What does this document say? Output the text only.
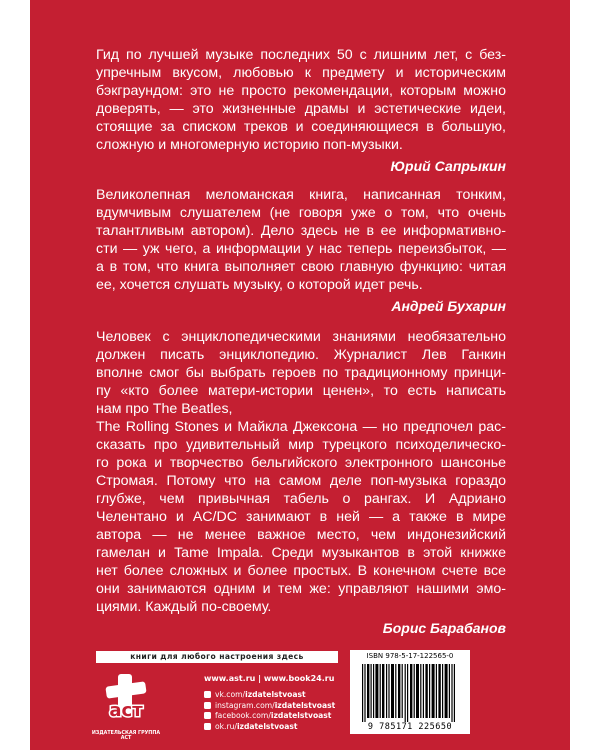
Гид по лучшей музыке последних 50 с лишним лет, с без-

упречным вкусом, любовью к предмету и историческим

бэкграундом: это не просто рекомендации, которым можно

доверять, — это жизненные драмы и эстетические идеи,

стоящие за списком треков и соединяющиеся в большую,

сложную и многомерную историю поп-музыки.

Юрий Сапрыкин

Великолепная меломанская книга, написанная тонким,

вдумчивым слушателем (не говоря уже о том, что очень

талантливым автором). Дело здесь не в ее информативно-

сти — уж чего, а информации у нас теперь переизбыток, —

а в том, что книга выполняет свою главную функцию: читая

ее, хочется слушать музыку, о которой идет речь.

Андрей Бухарин

Человек с энциклопедическими знаниями необязательно

должен писать энциклопедию. Журналист Лев Ганкин

вполне смог бы выбрать героев по традиционному принци-

пу «кто более матери-истории ценен», то есть написать

нам про The Beatles,

The Rolling Stones и Майкла Джексона — но предпочел рас-

сказать про удивительный мир турецкого психоделическо-

го рока и творчество бельгийского электронного шансонье

Стромая. Потому что на самом деле поп-музыка гораздо

глубже, чем привычная табель о рангах. И Адриано

Челентано и AC/DC занимают в ней — а также в мире

автора — не менее важное место, чем индонезийский

гамелан и Tame Impala. Среди музыкантов в этой книжке

нет более сложных и более простых. В конечном счете все

они занимаются одним и тем же: управляют нашими эмо-

циями. Каждый по-своему.

Борис Барабанов

книги для любого настроения здесь
аст
ИЗДАТЕЛЬСКАЯ ГРУППА АСТ
www.ast.ru | www.book24.ru
vk.com/izdatelstvoast
instagram.com/izdatelstvoast
facebook.com/izdatelstvoast
ok.ru/izdatelstvoast
ISBN 978-5-17-122565-0
9 785171 225650
